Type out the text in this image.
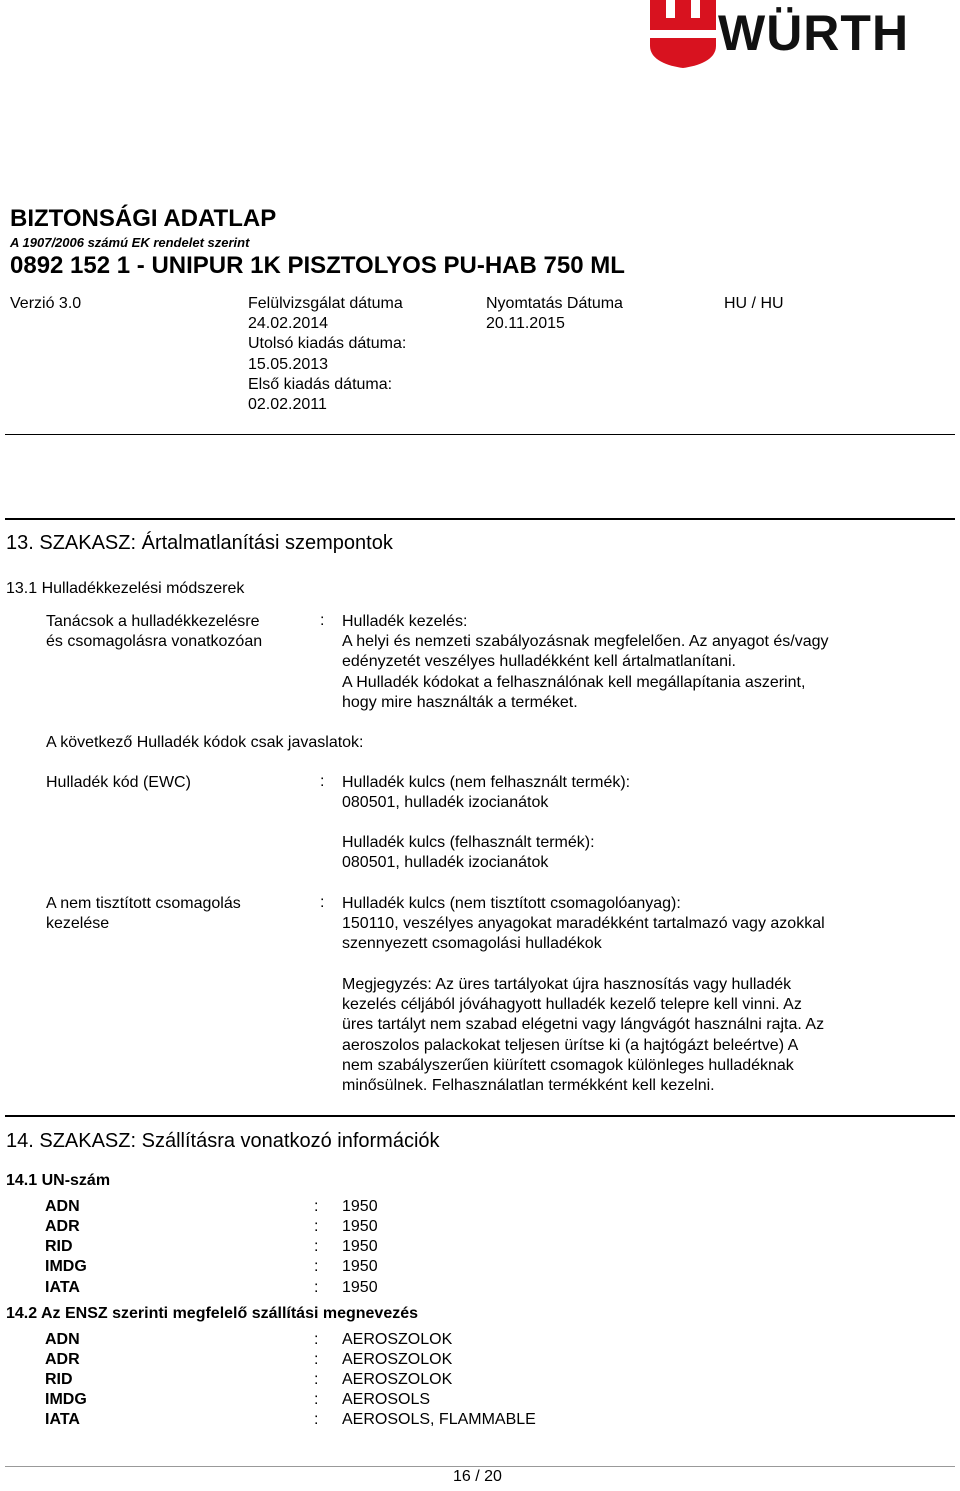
WÜRTH
BIZTONSÁGI ADATLAP
A 1907/2006 számú EK rendelet szerint
0892 152 1 - UNIPUR 1K PISZTOLYOS PU-HAB 750 ML
Verzió 3.0	Felülvizsgálat dátuma
24.02.2014
Utolsó kiadás dátuma:
15.05.2013
Első kiadás dátuma:
02.02.2011
Nyomtatás Dátuma
20.11.2015
HU / HU
13. SZAKASZ: Ártalmatlanítási szempontok
13.1 Hulladékkezelési módszerek
Tanácsok a hulladékkezelésre
és csomagolásra vonatkozóan
: Hulladék kezelés:
A helyi és nemzeti szabályozásnak megfelelően. Az anyagot és/vagy
edényzetét veszélyes hulladékként kell ártalmatlanítani.
A Hulladék kódokat a felhasználónak kell megállapítania aszerint,
hogy mire használták a terméket.
A következő Hulladék kódok csak javaslatok:
Hulladék kód (EWC)	: Hulladék kulcs (nem felhasznált termék):
080501, hulladék izocianátok
Hulladék kulcs (felhasznált termék):
080501, hulladék izocianátok
A nem tisztított csomagolás
kezelése
: Hulladék kulcs (nem tisztított csomagolóanyag):
150110, veszélyes anyagokat maradékként tartalmazó vagy azokkal
szennyezett csomagolási hulladékok
Megjegyzés: Az üres tartályokat újra hasznosítás vagy hulladék
kezelés céljából jóváhagyott hulladék kezelő telepre kell vinni. Az
üres tartályt nem szabad elégetni vagy lángvágót használni rajta. Az
aeroszolos palackokat teljesen ürítse ki (a hajtógázt beleértve) A
nem szabályszerűen kiürített csomagok különleges hulladéknak
minősülnek. Felhasználatlan termékként kell kezelni.
14. SZAKASZ: Szállításra vonatkozó információk
14.1 UN-szám
ADN	: 1950
ADR	: 1950
RID	: 1950
IMDG	: 1950
IATA	: 1950
14.2 Az ENSZ szerinti megfelelő szállítási megnevezés
ADN	: AEROSZOLOK
ADR	: AEROSZOLOK
RID	: AEROSZOLOK
IMDG	: AEROSOLS
IATA	: AEROSOLS, FLAMMABLE
16 / 20
